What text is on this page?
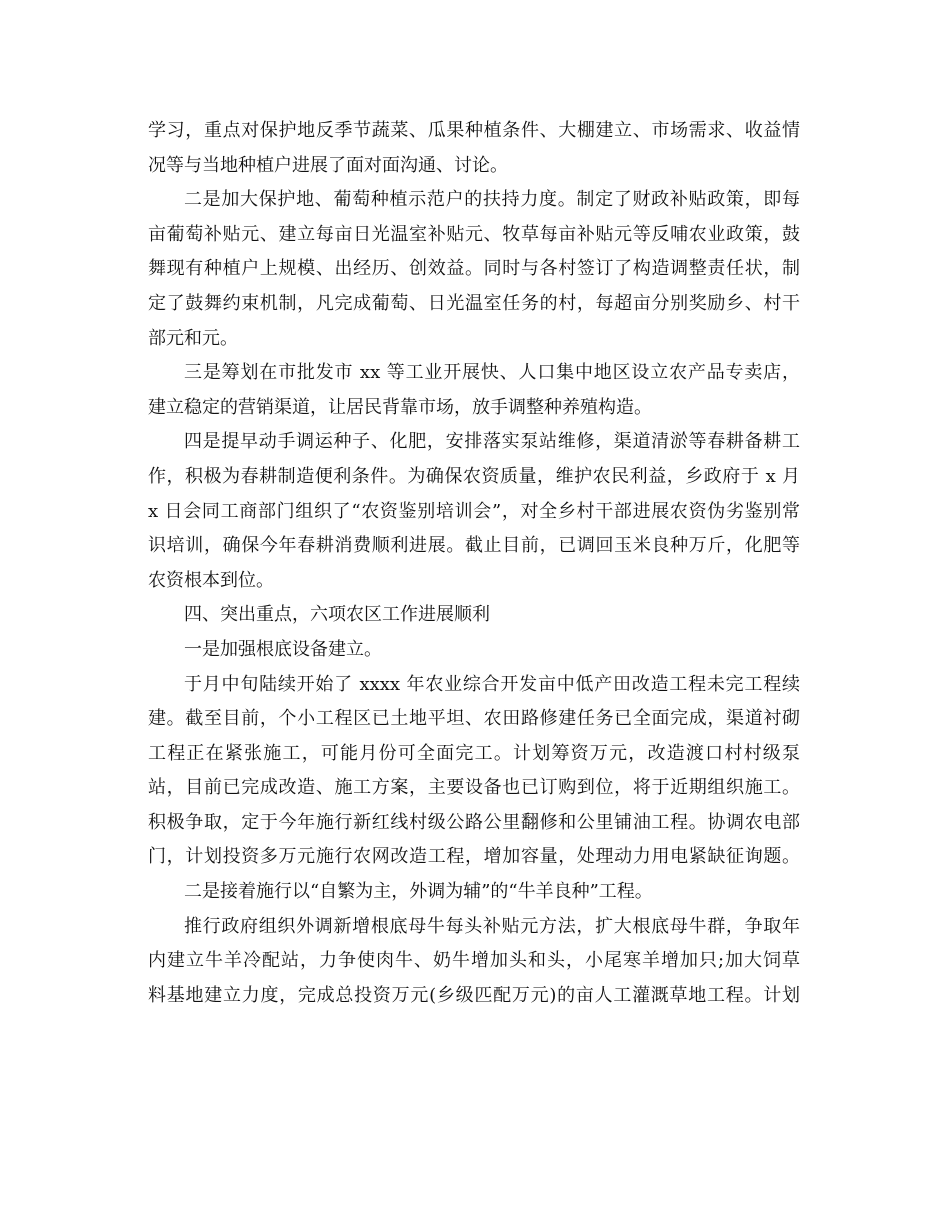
学习，重点对保护地反季节蔬菜、瓜果种植条件、大棚建立、市场需求、收益情
况等与当地种植户进展了面对面沟通、讨论。
二是加大保护地、葡萄种植示范户的扶持力度。制定了财政补贴政策，即每
亩葡萄补贴元、建立每亩日光温室补贴元、牧草每亩补贴元等反哺农业政策，鼓
舞现有种植户上规模、出经历、创效益。同时与各村签订了构造调整责任状，制
定了鼓舞约束机制，凡完成葡萄、日光温室任务的村，每超亩分别奖励乡、村干
部元和元。
三是筹划在市批发市 xx 等工业开展快、人口集中地区设立农产品专卖店，
建立稳定的营销渠道，让居民背靠市场，放手调整种养殖构造。
四是提早动手调运种子、化肥，安排落实泵站维修，渠道清淤等春耕备耕工
作，积极为春耕制造便利条件。为确保农资质量，维护农民利益，乡政府于 x 月
x 日会同工商部门组织了“农资鉴别培训会”，对全乡村干部进展农资伪劣鉴别常
识培训，确保今年春耕消费顺利进展。截止目前，已调回玉米良种万斤，化肥等
农资根本到位。
四、突出重点，六项农区工作进展顺利
一是加强根底设备建立。
于月中旬陆续开始了 xxxx 年农业综合开发亩中低产田改造工程未完工程续
建。截至目前，个小工程区已土地平坦、农田路修建任务已全面完成，渠道衬砌
工程正在紧张施工，可能月份可全面完工。计划筹资万元，改造渡口村村级泵
站，目前已完成改造、施工方案，主要设备也已订购到位，将于近期组织施工。
积极争取，定于今年施行新红线村级公路公里翻修和公里铺油工程。协调农电部
门，计划投资多万元施行农网改造工程，增加容量，处理动力用电紧缺征询题。
二是接着施行以“自繁为主，外调为辅”的“牛羊良种”工程。
推行政府组织外调新增根底母牛每头补贴元方法，扩大根底母牛群，争取年
内建立牛羊冷配站，力争使肉牛、奶牛增加头和头，小尾寒羊增加只;加大饲草
料基地建立力度，完成总投资万元(乡级匹配万元)的亩人工灌溉草地工程。计划
